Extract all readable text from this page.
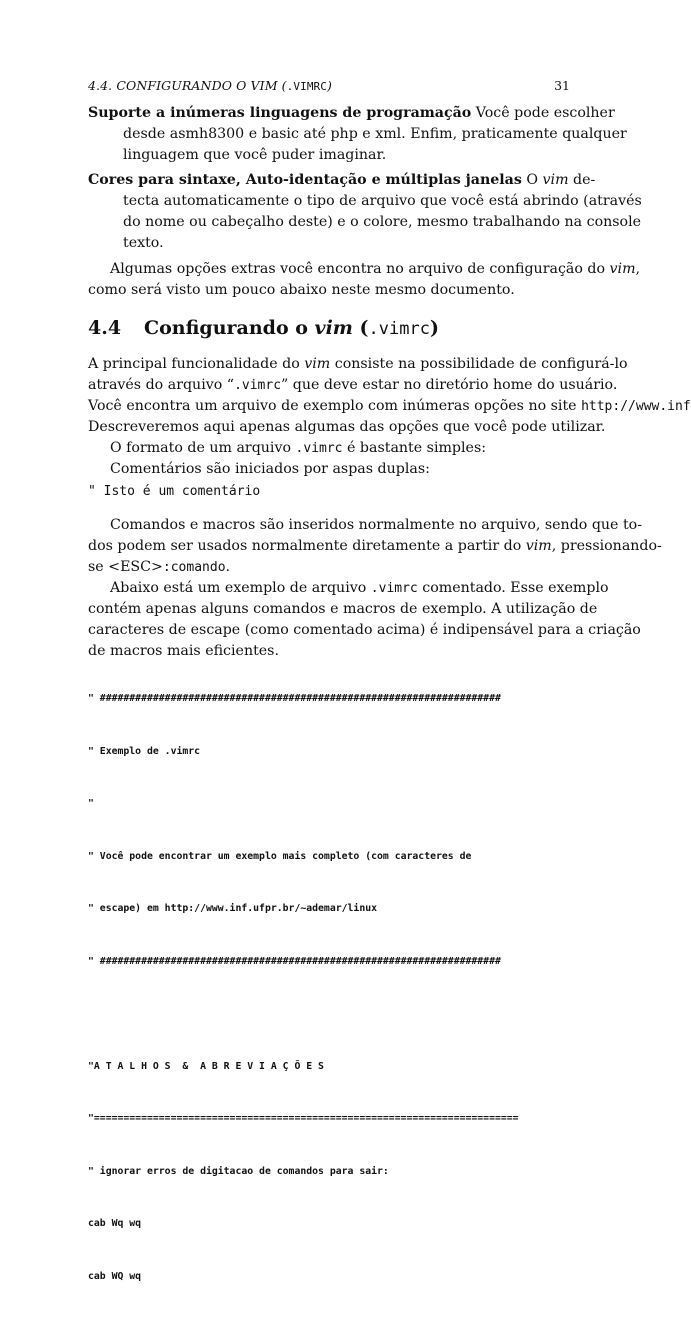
4.4. CONFIGURANDO O VIM (.VIMRC)	31
Suporte a inúmeras linguagens de programação Você pode escolher
desde asmh8300 e basic até php e xml. Enfim, praticamente qualquer
linguagem que você puder imaginar.
Cores para sintaxe, Auto-identação e múltiplas janelas O vim de-
tecta automaticamente o tipo de arquivo que você está abrindo (através
do nome ou cabeçalho deste) e o colore, mesmo trabalhando na console
texto.
Algumas opções extras você encontra no arquivo de configuração do vim,
como será visto um pouco abaixo neste mesmo documento.
4.4 Configurando o vim (.vimrc)
A principal funcionalidade do vim consiste na possibilidade de configurá-lo
através do arquivo “.vimrc” que deve estar no diretório home do usuário.
Você encontra um arquivo de exemplo com inúmeras opções no site http://www.inf
Descreveremos aqui apenas algumas das opções que você pode utilizar.
O formato de um arquivo .vimrc é bastante simples:
Comentários são iniciados por aspas duplas:
" Isto é um comentário
Comandos e macros são inseridos normalmente no arquivo, sendo que to-
dos podem ser usados normalmente diretamente a partir do vim, pressionando-
se <ESC>:comando.
Abaixo está um exemplo de arquivo .vimrc comentado. Esse exemplo
contém apenas alguns comandos e macros de exemplo. A utilização de
caracteres de escape (como comentado acima) é indipensável para a criação
de macros mais eficientes.

" ####################################################################

" Exemplo de .vimrc

"

" Você pode encontrar um exemplo mais completo (com caracteres de

" escape) em http://www.inf.ufpr.br/~ademar/linux

" ####################################################################

"A T A L H O S  &  A B R E V I A Ç Õ E S

"========================================================================

" ignorar erros de digitacao de comandos para sair:

cab Wq wq

cab WQ wq
